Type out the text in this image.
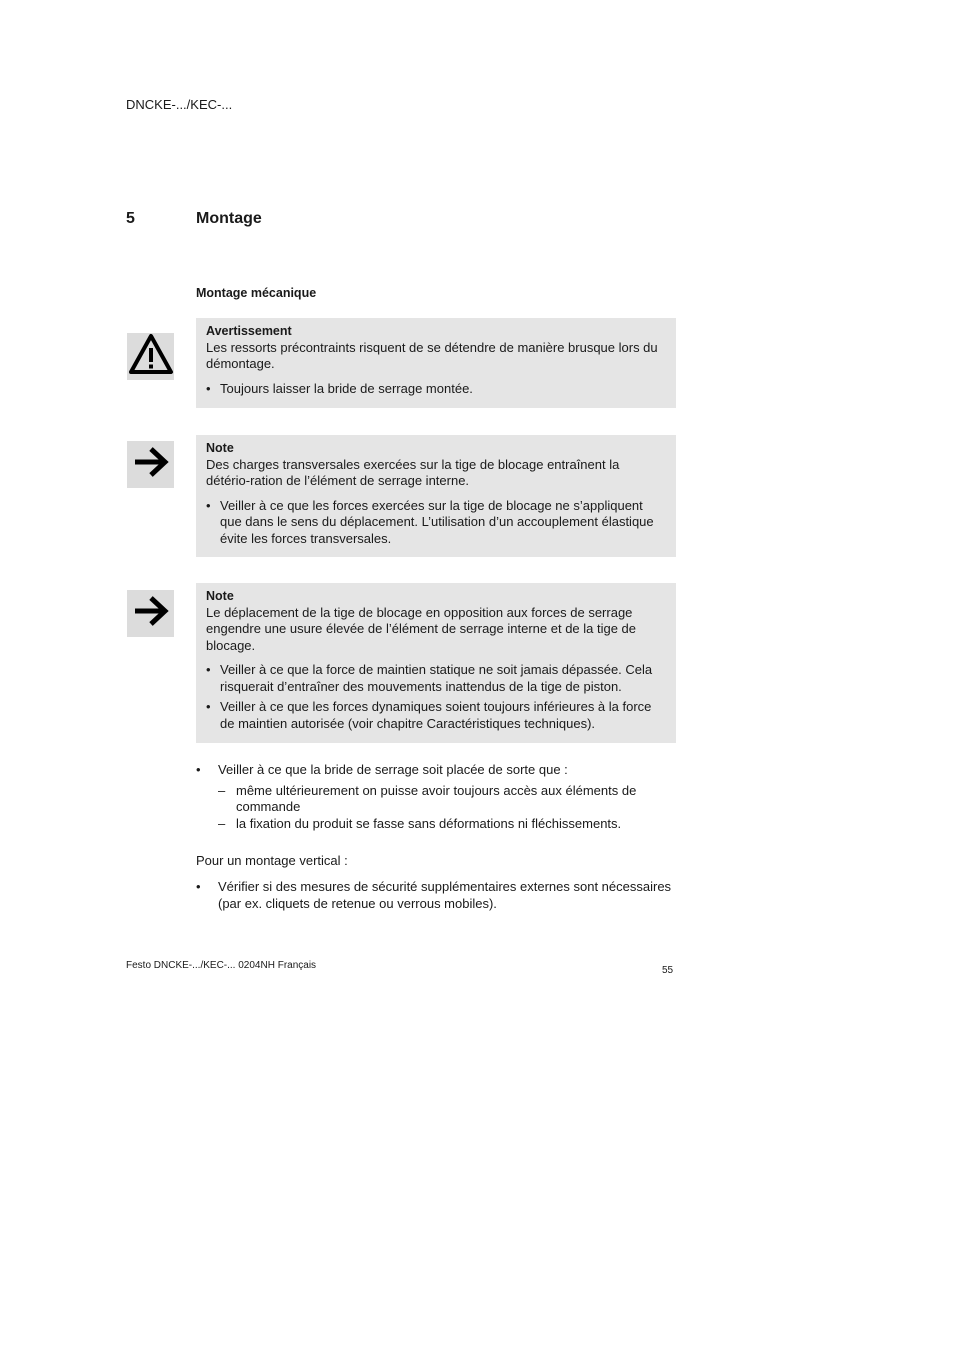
DNCKE-.../KEC-...
5	Montage
Montage mécanique
Avertissement
Les ressorts précontraints risquent de se détendre de manière brusque lors du démontage.
• Toujours laisser la bride de serrage montée.
Note
Des charges transversales exercées sur la tige de blocage entraînent la détério-ration de l’élément de serrage interne.
• Veiller à ce que les forces exercées sur la tige de blocage ne s’appliquent que dans le sens du déplacement. L’utilisation d’un accouplement élastique évite les forces transversales.
Note
Le déplacement de la tige de blocage en opposition aux forces de serrage engendre une usure élevée de l’élément de serrage interne et de la tige de blocage.
• Veiller à ce que la force de maintien statique ne soit jamais dépassée. Cela risquerait d’entraîner des mouvements inattendus de la tige de piston.
• Veiller à ce que les forces dynamiques soient toujours inférieures à la force de maintien autorisée (voir chapitre Caractéristiques techniques).
• Veiller à ce que la bride de serrage soit placée de sorte que :
– même ultérieurement on puisse avoir toujours accès aux éléments de commande
– la fixation du produit se fasse sans déformations ni fléchissements.
Pour un montage vertical :
• Vérifier si des mesures de sécurité supplémentaires externes sont nécessaires (par ex. cliquets de retenue ou verrous mobiles).
Festo DNCKE-.../KEC-... 0204NH Français	55
